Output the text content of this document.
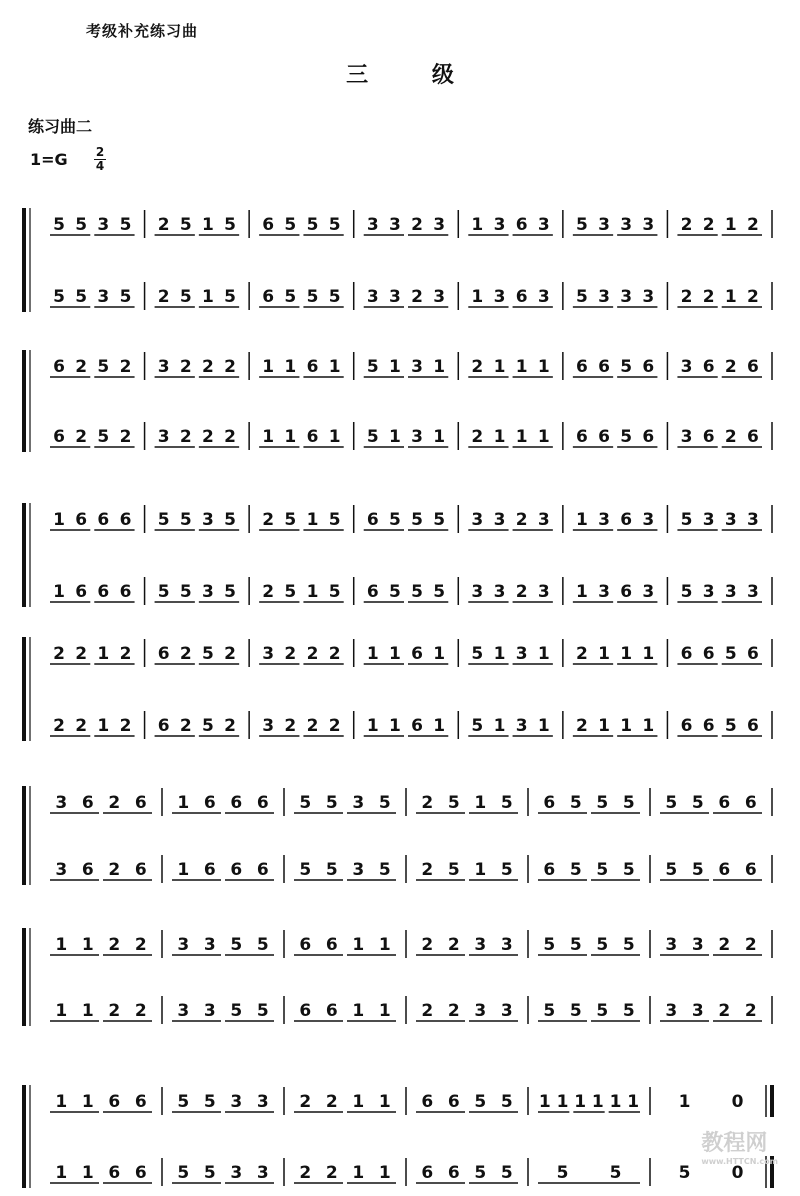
考级补充练习曲
三	级
练习曲二
1=G 2
4
5 5 3 5 2 5 1 5 6 5 5 5 3 3 2 3 1 3 6 3 5 3 3 3 2 2 1 2
5 5 3 5 2 5 1 5 6 5 5 5 3 3 2 3 1 3 6 3 5 3 3 3 2 2 1 2
6 2 5 2 3 2 2 2 1 1 6 1 5 1 3 1 2 1 1 1 6 6 5 6 3 6 2 6
6 2 5 2 3 2 2 2 1 1 6 1 5 1 3 1 2 1 1 1 6 6 5 6 3 6 2 6
1 6 6 6 5 5 3 5 2 5 1 5 6 5 5 5 3 3 2 3 1 3 6 3 5 3 3 3
1 6 6 6 5 5 3 5 2 5 1 5 6 5 5 5 3 3 2 3 1 3 6 3 5 3 3 3
2 2 1 2 6 2 5 2 3 2 2 2 1 1 6 1 5 1 3 1 2 1 1 1 6 6 5 6
2 2 1 2 6 2 5 2 3 2 2 2 1 1 6 1 5 1 3 1 2 1 1 1 6 6 5 6
3 6 2 6 1 6 6 6 5 5 3 5 2 5 1 5 6 5 5 5 5 5 6 6
3 6 2 6 1 6 6 6 5 5 3 5 2 5 1 5 6 5 5 5 5 5 6 6
1 1 2 2 3 3 5 5 6 6 1 1 2 2 3 3 5 5 5 5 3 3 2 2
1 1 2 2 3 3 5 5 6 6 1 1 2 2 3 3 5 5 5 5 3 3 2 2
1 1 6 6 5 5 3 3 2 2 1 1 6 6 5 5 1 1 1 1 1 1 1 0
1 1 6 6 5 5 3 3 2 2 1 1 6 6 5 5	5 5	5 0
教程网
www.HTTCN.com
